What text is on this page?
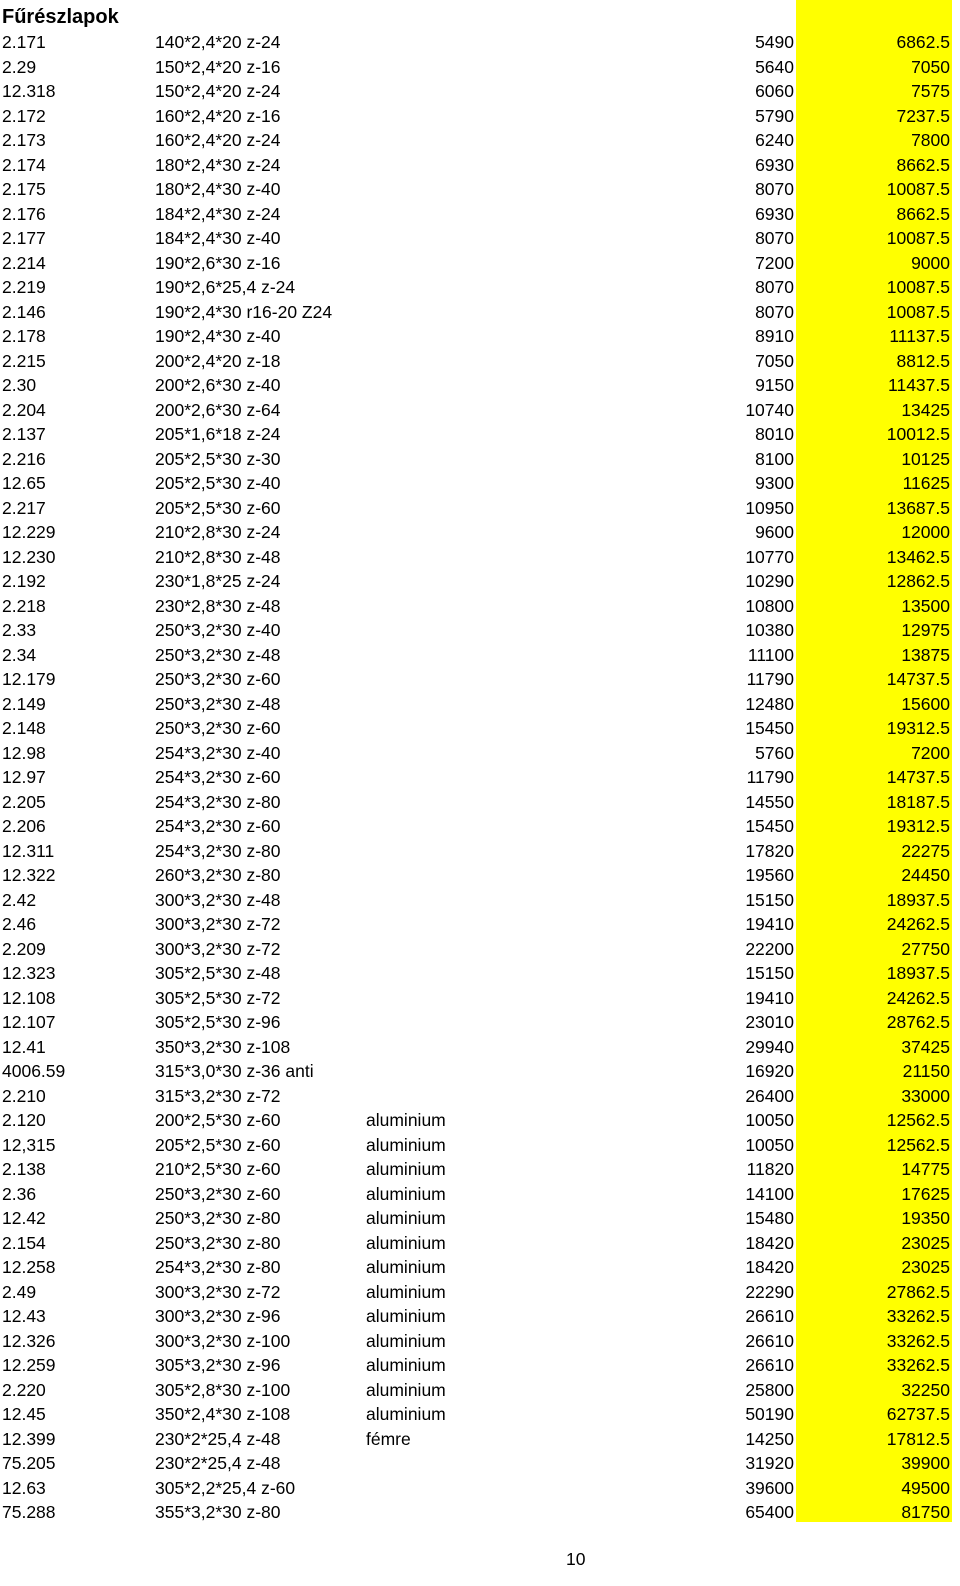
Fűrészlapok
2.171	140*2,4*20 z-24		5490	6862.5
2.29	150*2,4*20 z-16		5640	7050
12.318	150*2,4*20 z-24		6060	7575
2.172	160*2,4*20 z-16		5790	7237.5
2.173	160*2,4*20 z-24		6240	7800
2.174	180*2,4*30 z-24		6930	8662.5
2.175	180*2,4*30 z-40		8070	10087.5
2.176	184*2,4*30 z-24		6930	8662.5
2.177	184*2,4*30 z-40		8070	10087.5
2.214	190*2,6*30 z-16		7200	9000
2.219	190*2,6*25,4 z-24		8070	10087.5
2.146	190*2,4*30 r16-20 Z24		8070	10087.5
2.178	190*2,4*30 z-40		8910	11137.5
2.215	200*2,4*20 z-18		7050	8812.5
2.30	200*2,6*30 z-40		9150	11437.5
2.204	200*2,6*30 z-64		10740	13425
2.137	205*1,6*18 z-24		8010	10012.5
2.216	205*2,5*30 z-30		8100	10125
12.65	205*2,5*30 z-40		9300	11625
2.217	205*2,5*30 z-60		10950	13687.5
12.229	210*2,8*30 z-24		9600	12000
12.230	210*2,8*30 z-48		10770	13462.5
2.192	230*1,8*25 z-24		10290	12862.5
2.218	230*2,8*30 z-48		10800	13500
2.33	250*3,2*30 z-40		10380	12975
2.34	250*3,2*30 z-48		11100	13875
12.179	250*3,2*30 z-60		11790	14737.5
2.149	250*3,2*30 z-48		12480	15600
2.148	250*3,2*30 z-60		15450	19312.5
12.98	254*3,2*30 z-40		5760	7200
12.97	254*3,2*30 z-60		11790	14737.5
2.205	254*3,2*30 z-80		14550	18187.5
2.206	254*3,2*30 z-60		15450	19312.5
12.311	254*3,2*30 z-80		17820	22275
12.322	260*3,2*30 z-80		19560	24450
2.42	300*3,2*30 z-48		15150	18937.5
2.46	300*3,2*30 z-72		19410	24262.5
2.209	300*3,2*30 z-72		22200	27750
12.323	305*2,5*30 z-48		15150	18937.5
12.108	305*2,5*30 z-72		19410	24262.5
12.107	305*2,5*30 z-96		23010	28762.5
12.41	350*3,2*30 z-108		29940	37425
4006.59	315*3,0*30 z-36 anti		16920	21150
2.210	315*3,2*30 z-72		26400	33000
2.120	200*2,5*30 z-60	aluminium	10050	12562.5
12,315	205*2,5*30 z-60	aluminium	10050	12562.5
2.138	210*2,5*30 z-60	aluminium	11820	14775
2.36	250*3,2*30 z-60	aluminium	14100	17625
12.42	250*3,2*30 z-80	aluminium	15480	19350
2.154	250*3,2*30 z-80	aluminium	18420	23025
12.258	254*3,2*30 z-80	aluminium	18420	23025
2.49	300*3,2*30 z-72	aluminium	22290	27862.5
12.43	300*3,2*30 z-96	aluminium	26610	33262.5
12.326	300*3,2*30 z-100	aluminium	26610	33262.5
12.259	305*3,2*30 z-96	aluminium	26610	33262.5
2.220	305*2,8*30 z-100	aluminium	25800	32250
12.45	350*2,4*30 z-108	aluminium	50190	62737.5
12.399	230*2*25,4 z-48	fémre	14250	17812.5
75.205	230*2*25,4 z-48		31920	39900
12.63	305*2,2*25,4 z-60		39600	49500
75.288	355*3,2*30 z-80		65400	81750
10
